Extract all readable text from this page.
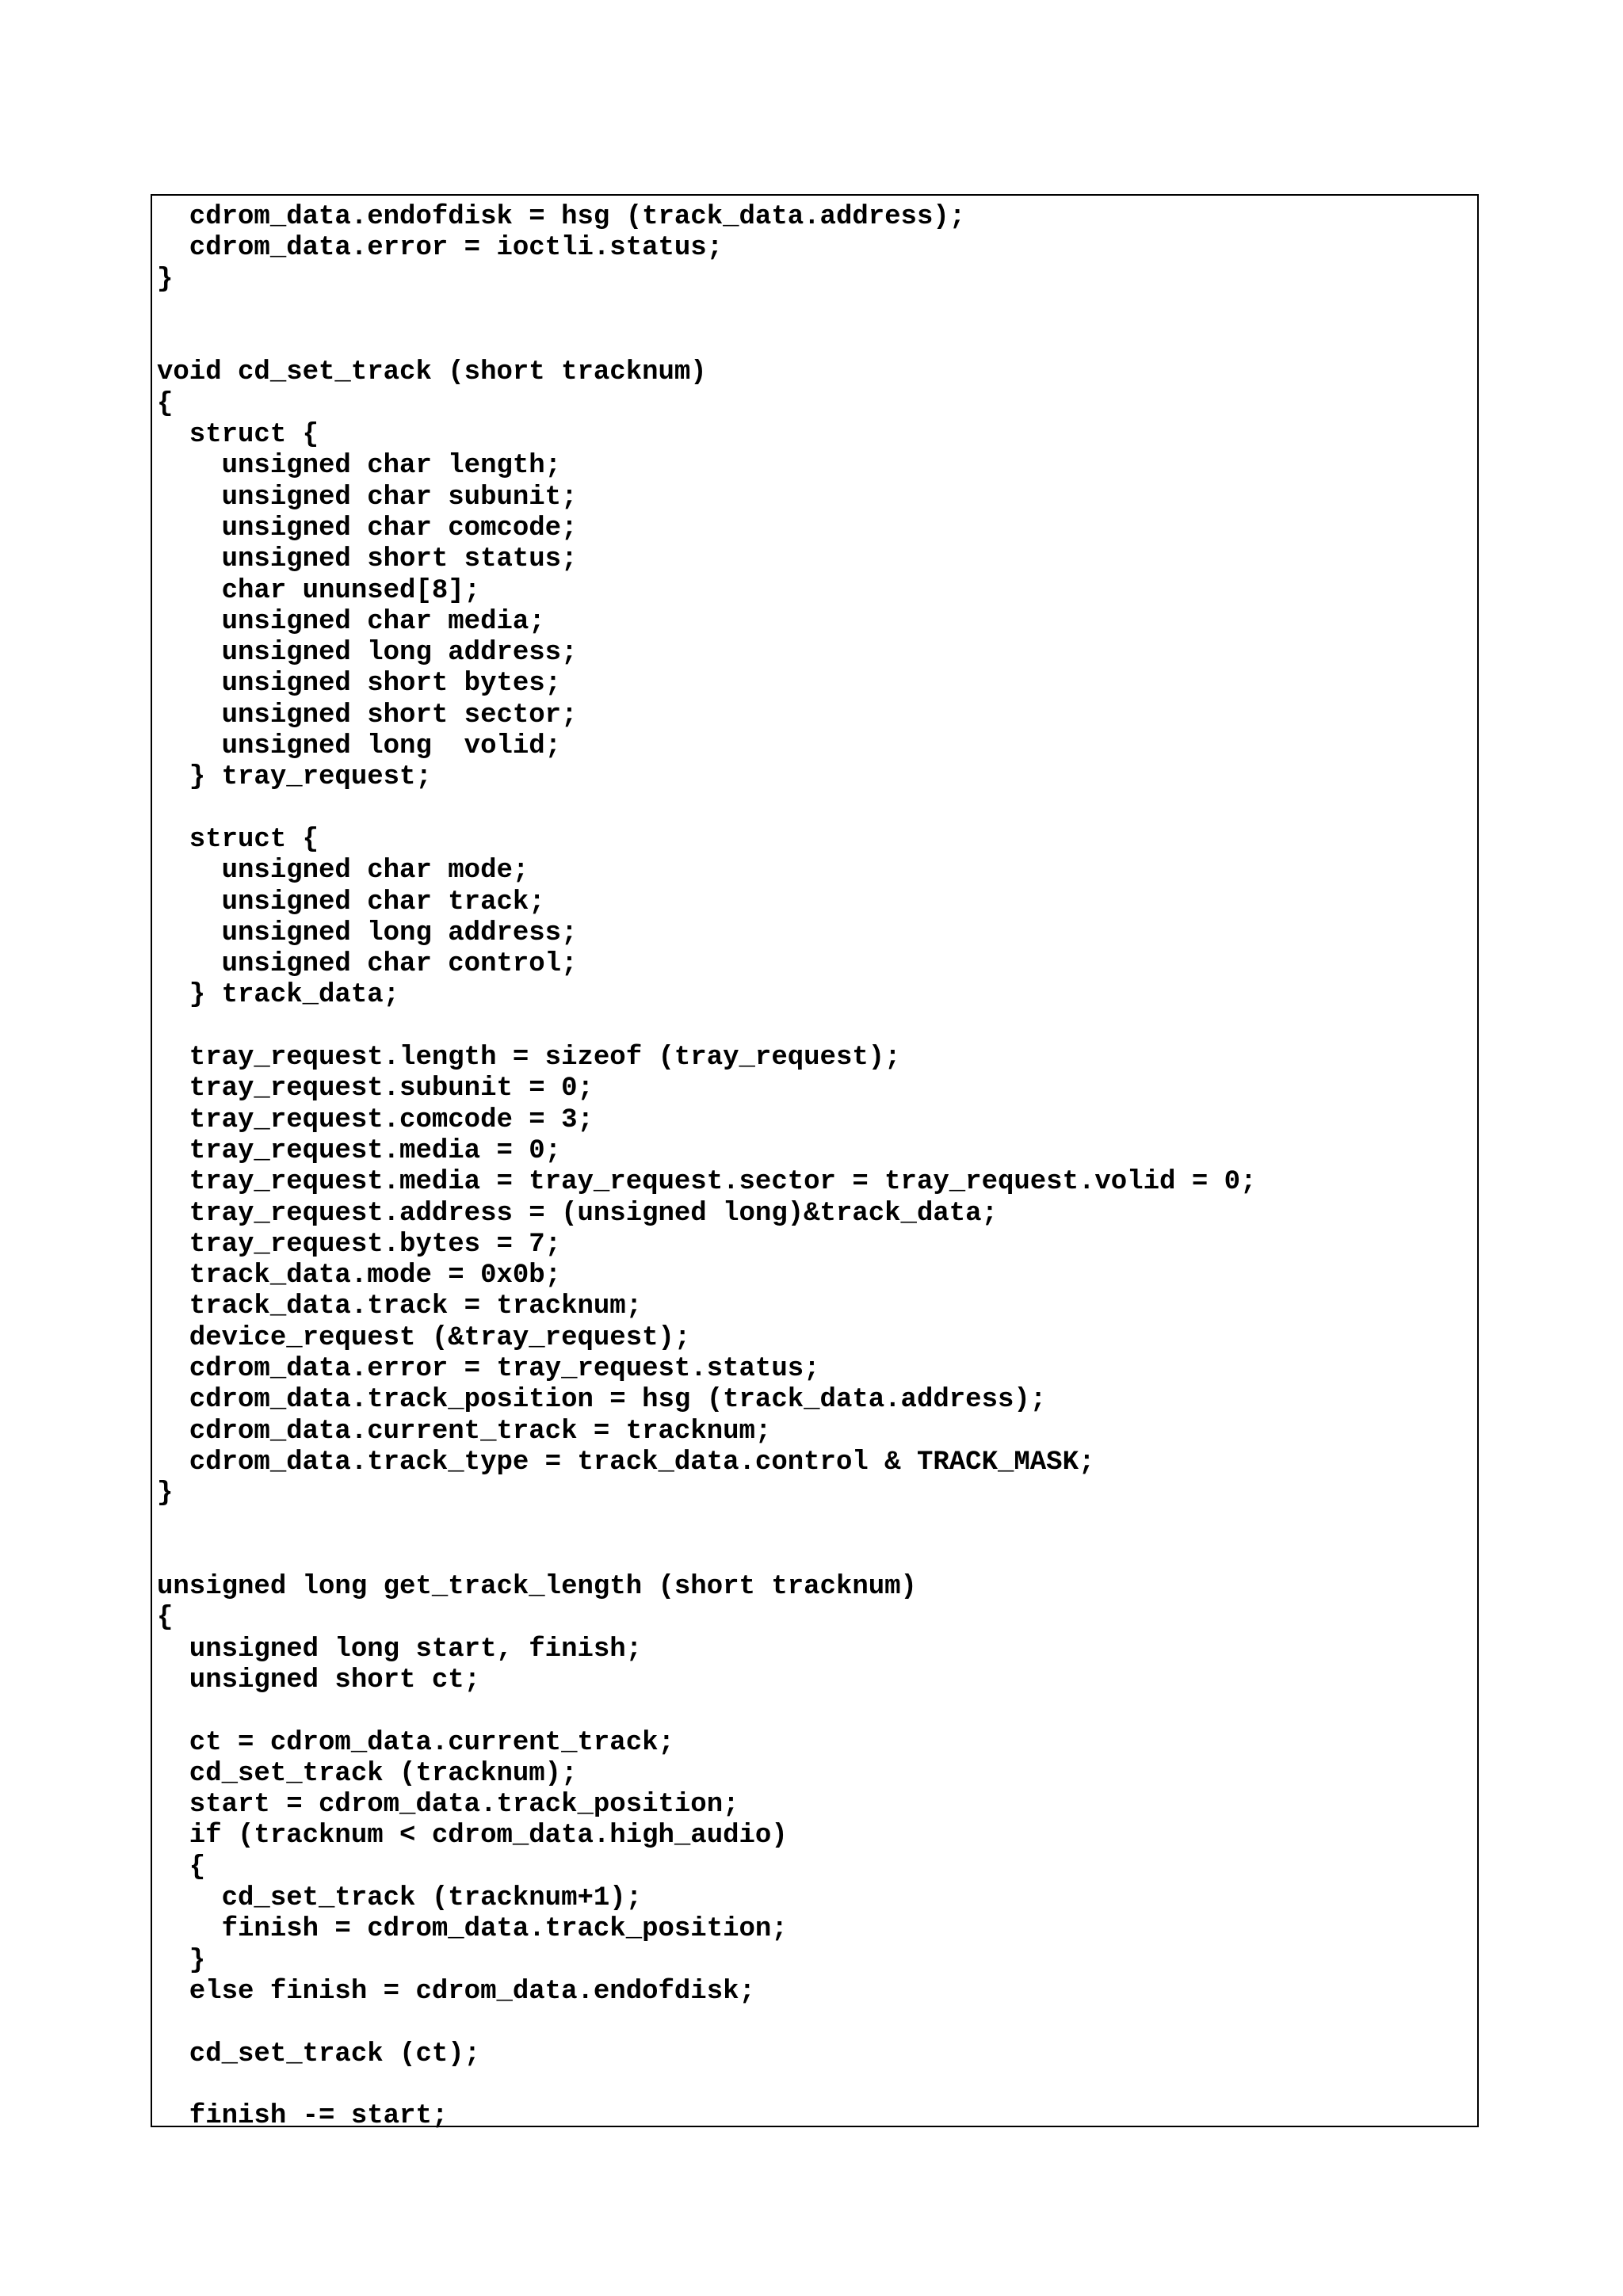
cdrom_data.endofdisk = hsg (track_data.address);
cdrom_data.error = ioctli.status;
}
void cd_set_track (short tracknum)
{
struct {
unsigned char length;
unsigned char subunit;
unsigned char comcode;
unsigned short status;
char ununsed[8];
unsigned char media;
unsigned long address;
unsigned short bytes;
unsigned short sector;
unsigned long  volid;
} tray_request;
struct {
unsigned char mode;
unsigned char track;
unsigned long address;
unsigned char control;
} track_data;
tray_request.length = sizeof (tray_request);
tray_request.subunit = 0;
tray_request.comcode = 3;
tray_request.media = 0;
tray_request.media = tray_request.sector = tray_request.volid = 0;
tray_request.address = (unsigned long)&track_data;
tray_request.bytes = 7;
track_data.mode = 0x0b;
track_data.track = tracknum;
device_request (&tray_request);
cdrom_data.error = tray_request.status;
cdrom_data.track_position = hsg (track_data.address);
cdrom_data.current_track = tracknum;
cdrom_data.track_type = track_data.control & TRACK_MASK;
}
unsigned long get_track_length (short tracknum)
{
unsigned long start, finish;
unsigned short ct;
ct = cdrom_data.current_track;
cd_set_track (tracknum);
start = cdrom_data.track_position;
if (tracknum < cdrom_data.high_audio)
{
cd_set_track (tracknum+1);
finish = cdrom_data.track_position;
}
else finish = cdrom_data.endofdisk;
cd_set_track (ct);
finish -= start;
